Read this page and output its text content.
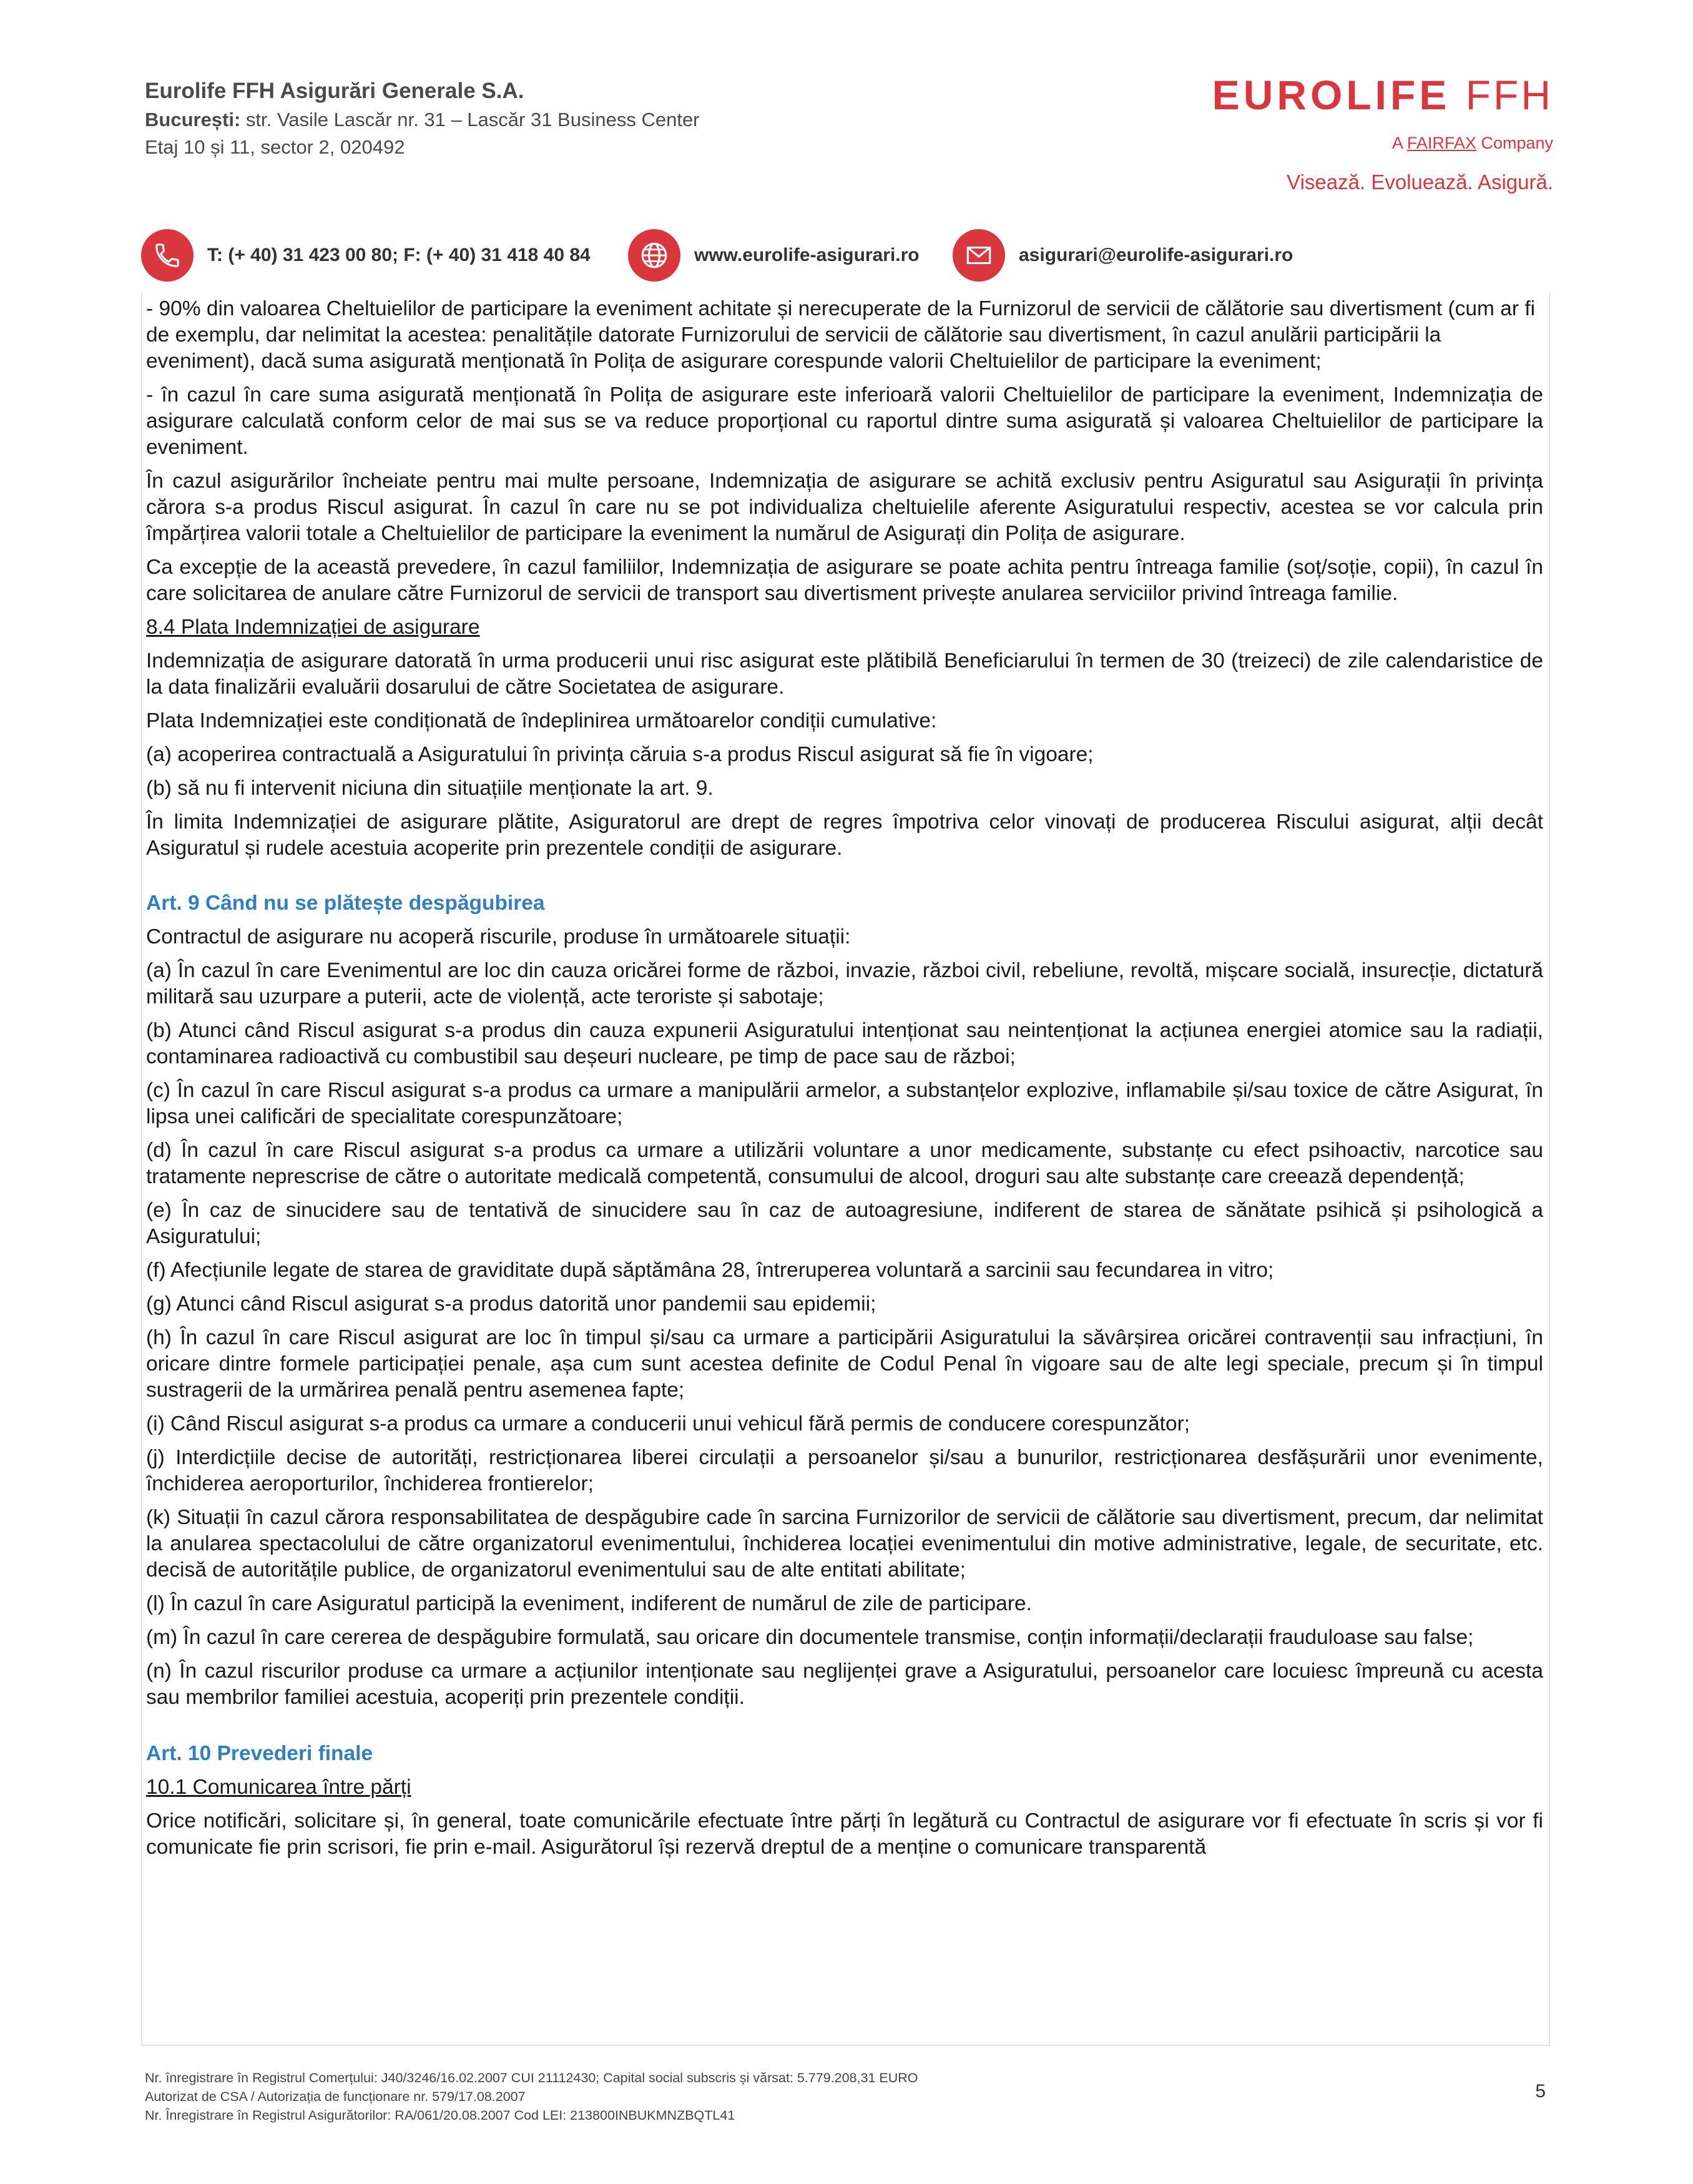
Eurolife FFH Asigurări Generale S.A.
București: str. Vasile Lascăr nr. 31 – Lascăr 31 Business Center
Etaj 10 și 11, sector 2, 020492
EUROLIFE FFH
A FAIRFAX Company
Visează. Evoluează. Asigură.
T: (+ 40) 31 423 00 80; F: (+ 40) 31 418 40 84	www.eurolife-asigurari.ro	asigurari@eurolife-asigurari.ro

- 90% din valoarea Cheltuielilor de participare la eveniment achitate și nerecuperate de la Furnizorul de servicii de călătorie sau divertisment (cum ar fi de exemplu, dar nelimitat la acestea: penalitățile datorate Furnizorului de servicii de călătorie sau divertisment, în cazul anulării participării la eveniment), dacă suma asigurată menționată în Polița de asigurare corespunde valorii Cheltuielilor de participare la eveniment;

- în cazul în care suma asigurată menționată în Polița de asigurare este inferioară valorii Cheltuielilor de participare la eveniment, Indemnizația de asigurare calculată conform celor de mai sus se va reduce proporțional cu raportul dintre suma asigurată și valoarea Cheltuielilor de participare la eveniment.

În cazul asigurărilor încheiate pentru mai multe persoane, Indemnizația de asigurare se achită exclusiv pentru Asiguratul sau Asigurații în privința cărora s-a produs Riscul asigurat. În cazul în care nu se pot individualiza cheltuielile aferente Asiguratului respectiv, acestea se vor calcula prin împărțirea valorii totale a Cheltuielilor de participare la eveniment la numărul de Asigurați din Polița de asigurare.

Ca excepție de la această prevedere, în cazul familiilor, Indemnizația de asigurare se poate achita pentru întreaga familie (soț/soție, copii), în cazul în care solicitarea de anulare către Furnizorul de servicii de transport sau divertisment privește anularea serviciilor privind întreaga familie.

8.4 Plata Indemnizației de asigurare

Indemnizația de asigurare datorată în urma producerii unui risc asigurat este plătibilă Beneficiarului în termen de 30 (treizeci) de zile calendaristice de la data finalizării evaluării dosarului de către Societatea de asigurare.

Plata Indemnizației este condiționată de îndeplinirea următoarelor condiții cumulative:

(a) acoperirea contractuală a Asiguratului în privința căruia s-a produs Riscul asigurat să fie în vigoare;

(b) să nu fi intervenit niciuna din situațiile menționate la art. 9.

În limita Indemnizației de asigurare plătite, Asiguratorul are drept de regres împotriva celor vinovați de producerea Riscului asigurat, alții decât Asiguratul și rudele acestuia acoperite prin prezentele condiții de asigurare.

Art. 9 Când nu se plătește despăgubirea

Contractul de asigurare nu acoperă riscurile, produse în următoarele situații:

(a) În cazul în care Evenimentul are loc din cauza oricărei forme de război, invazie, război civil, rebeliune, revoltă, mișcare socială, insurecție, dictatură militară sau uzurpare a puterii, acte de violență, acte teroriste și sabotaje;

(b) Atunci când Riscul asigurat s-a produs din cauza expunerii Asiguratului intenționat sau neintenționat la acțiunea energiei atomice sau la radiații, contaminarea radioactivă cu combustibil sau deșeuri nucleare, pe timp de pace sau de război;

(c) În cazul în care Riscul asigurat s-a produs ca urmare a manipulării armelor, a substanțelor explozive, inflamabile și/sau toxice de către Asigurat, în lipsa unei calificări de specialitate corespunzătoare;

(d) În cazul în care Riscul asigurat s-a produs ca urmare a utilizării voluntare a unor medicamente, substanțe cu efect psihoactiv, narcotice sau tratamente neprescrise de către o autoritate medicală competentă, consumului de alcool, droguri sau alte substanțe care creează dependență;

(e) În caz de sinucidere sau de tentativă de sinucidere sau în caz de autoagresiune, indiferent de starea de sănătate psihică și psihologică a Asiguratului;

(f) Afecțiunile legate de starea de graviditate după săptămâna 28, întreruperea voluntară a sarcinii sau fecundarea in vitro;

(g) Atunci când Riscul asigurat s-a produs datorită unor pandemii sau epidemii;

(h) În cazul în care Riscul asigurat are loc în timpul și/sau ca urmare a participării Asiguratului la săvârșirea oricărei contravenții sau infracțiuni, în oricare dintre formele participației penale, așa cum sunt acestea definite de Codul Penal în vigoare sau de alte legi speciale, precum și în timpul sustragerii de la urmărirea penală pentru asemenea fapte;

(i) Când Riscul asigurat s-a produs ca urmare a conducerii unui vehicul fără permis de conducere corespunzător;

(j) Interdicțiile decise de autorități, restricționarea liberei circulații a persoanelor și/sau a bunurilor, restricționarea desfășurării unor evenimente, închiderea aeroporturilor, închiderea frontierelor;

(k) Situații în cazul cărora responsabilitatea de despăgubire cade în sarcina Furnizorilor de servicii de călătorie sau divertisment, precum, dar nelimitat la anularea spectacolului de către organizatorul evenimentului, închiderea locației evenimentului din motive administrative, legale, de securitate, etc. decisă de autoritățile publice, de organizatorul evenimentului sau de alte entitati abilitate;

(l) În cazul în care Asiguratul participă la eveniment, indiferent de numărul de zile de participare.

(m) În cazul în care cererea de despăgubire formulată, sau oricare din documentele transmise, conțin informații/declarații frauduloase sau false;

(n) În cazul riscurilor produse ca urmare a acțiunilor intenționate sau neglijenței grave a Asiguratului, persoanelor care locuiesc împreună cu acesta sau membrilor familiei acestuia, acoperiți prin prezentele condiții.

Art. 10 Prevederi finale

10.1 Comunicarea între părți

Orice notificări, solicitare și, în general, toate comunicările efectuate între părți în legătură cu Contractul de asigurare vor fi efectuate în scris și vor fi comunicate fie prin scrisori, fie prin e-mail. Asigurătorul își rezervă dreptul de a menține o comunicare transparentă

Nr. înregistrare în Registrul Comerțului: J40/3246/16.02.2007 CUI 21112430; Capital social subscris și vărsat: 5.779.208,31 EURO
Autorizat de CSA / Autorizația de funcționare nr. 579/17.08.2007
Nr. Înregistrare în Registrul Asigurătorilor: RA/061/20.08.2007 Cod LEI: 213800INBUKMNZBQTL41
5
